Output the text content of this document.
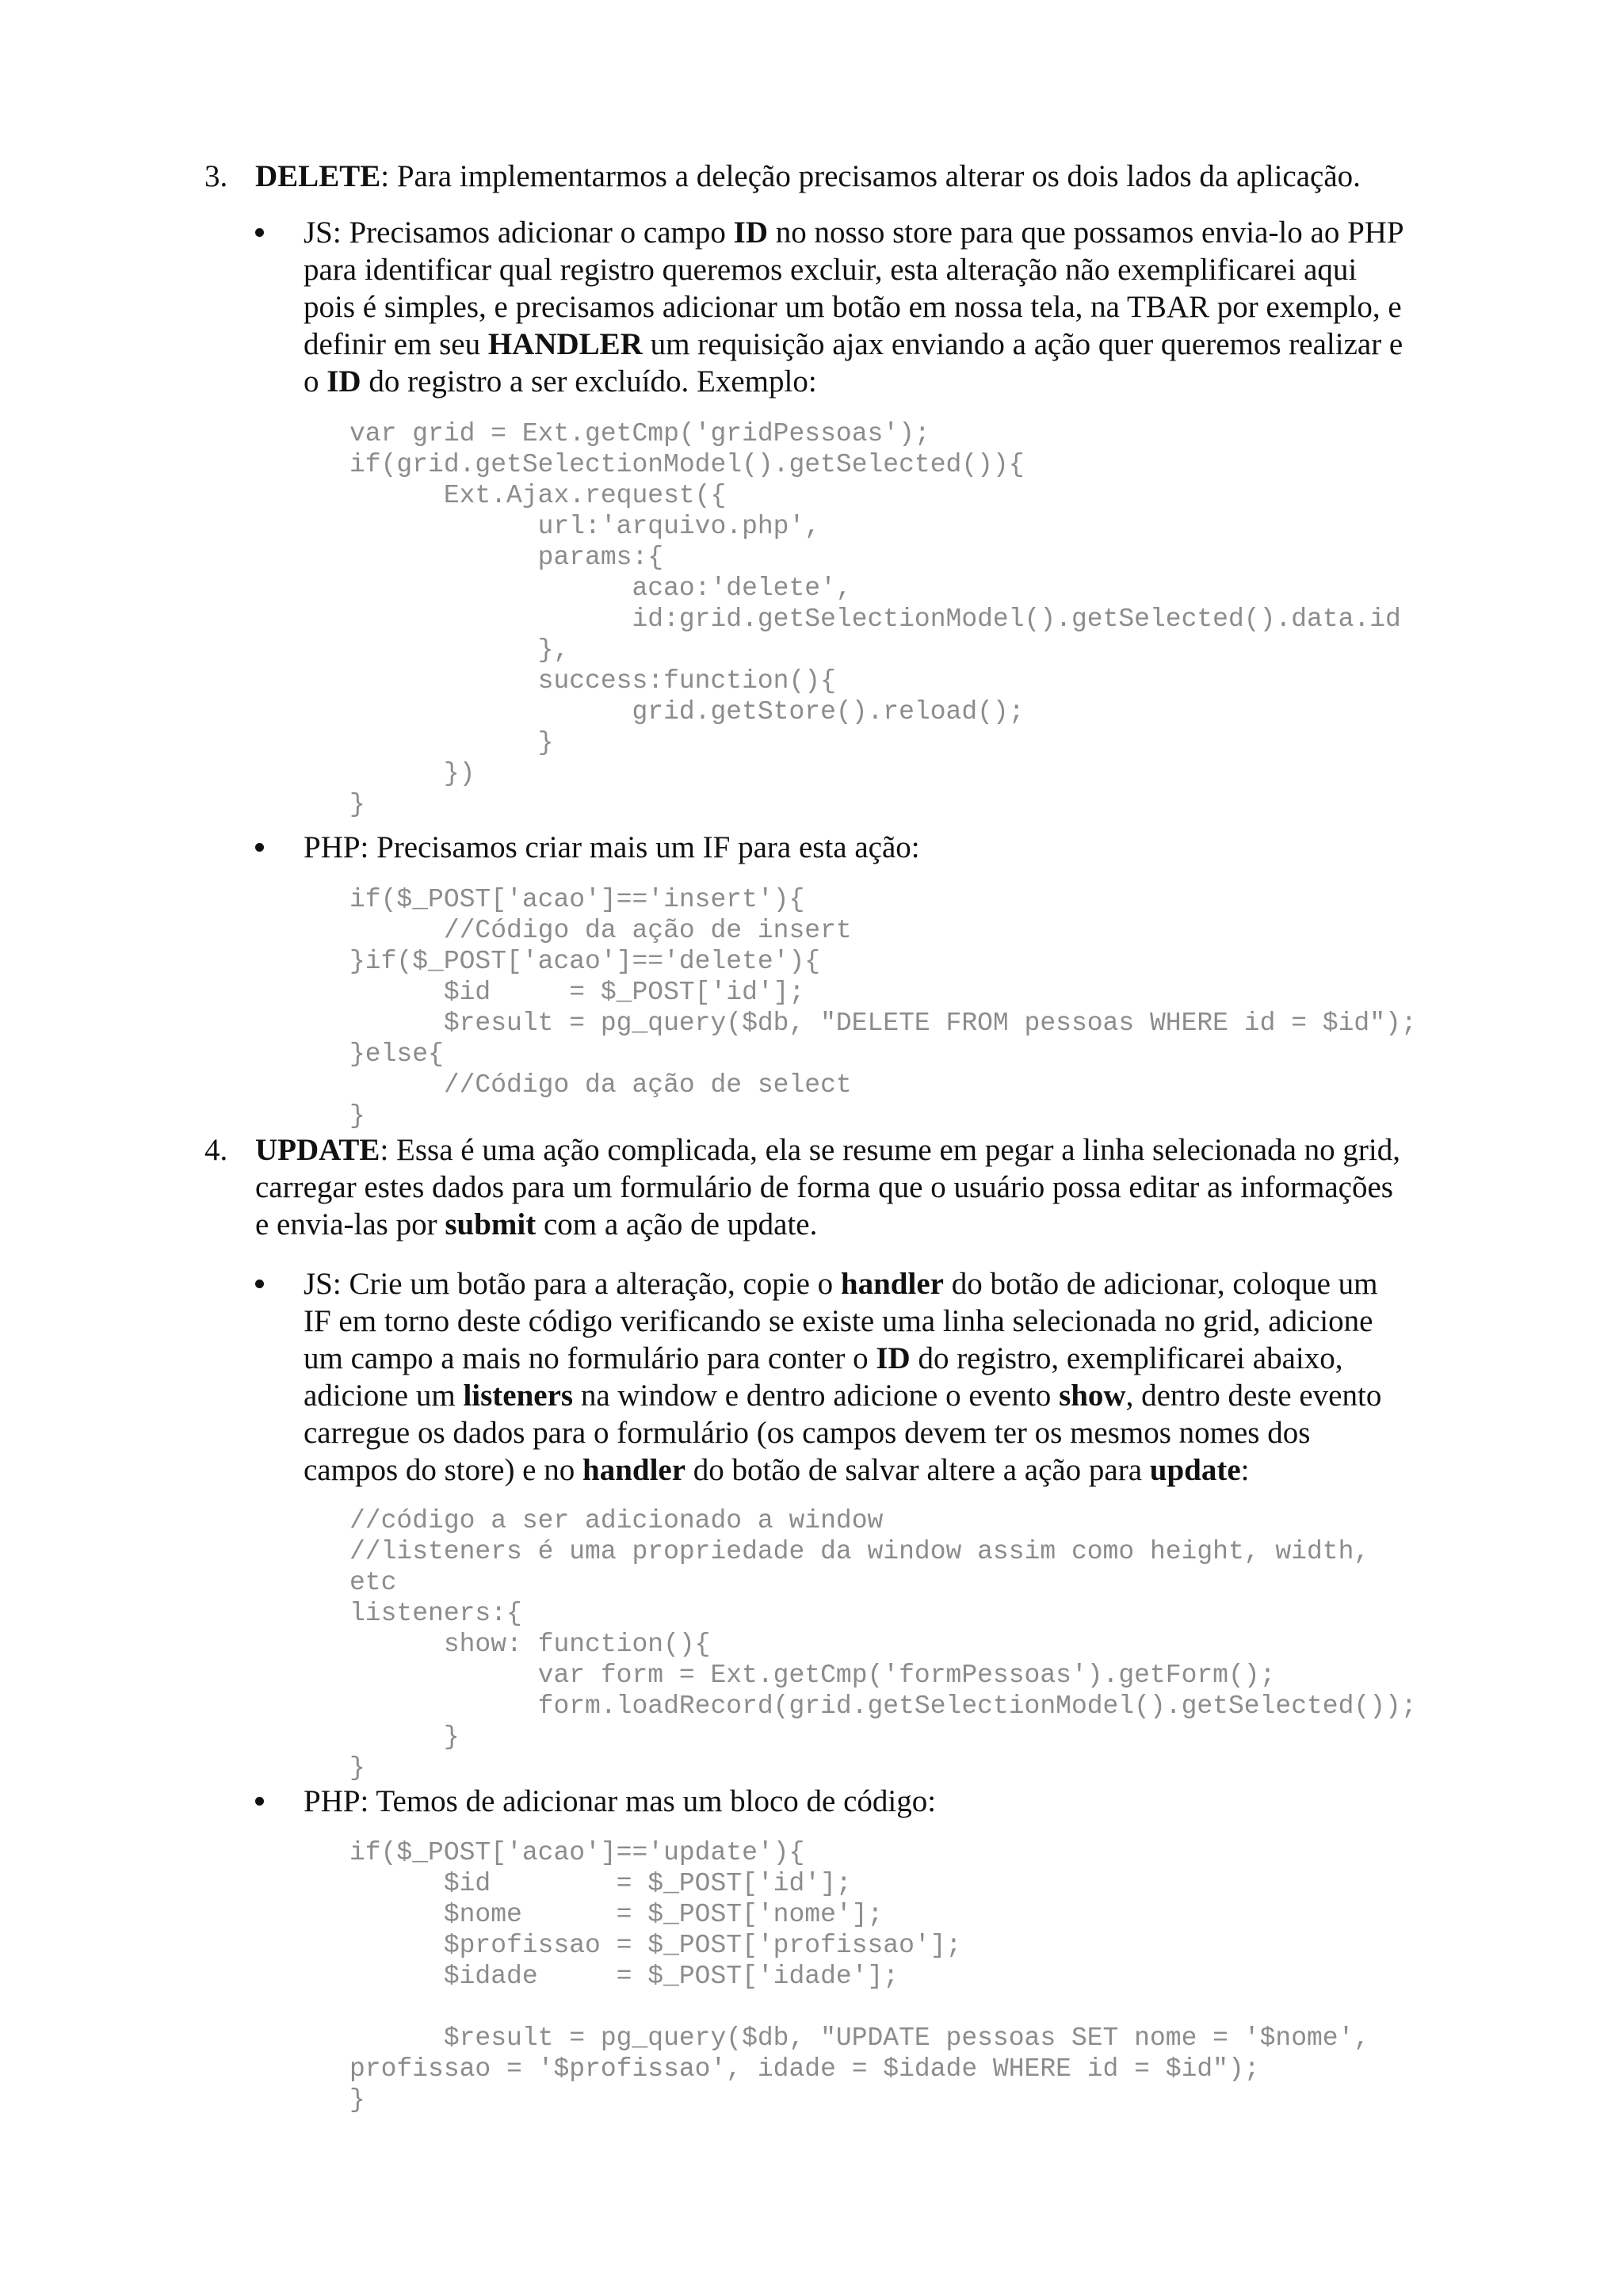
3. DELETE: Para implementarmos a deleção precisamos alterar os dois lados da aplicação.
JS: Precisamos adicionar o campo ID no nosso store para que possamos envia-lo ao PHP
para identificar qual registro queremos excluir, esta alteração não exemplificarei aqui
pois é simples, e precisamos adicionar um botão em nossa tela, na TBAR por exemplo, e
definir em seu HANDLER um requisição ajax enviando a ação quer queremos realizar e
o ID do registro a ser excluído. Exemplo:
var grid = Ext.getCmp('gridPessoas');
if(grid.getSelectionModel().getSelected()){
Ext.Ajax.request({
url:'arquivo.php',
params:{
acao:'delete',
id:grid.getSelectionModel().getSelected().data.id
},
success:function(){
grid.getStore().reload();
}
})
}
PHP: Precisamos criar mais um IF para esta ação:
if($_POST['acao']=='insert'){
//Código da ação de insert
}if($_POST['acao']=='delete'){
$id     = $_POST['id'];
$result = pg_query($db, "DELETE FROM pessoas WHERE id = $id");
}else{
//Código da ação de select
}
4. UPDATE: Essa é uma ação complicada, ela se resume em pegar a linha selecionada no grid,
carregar estes dados para um formulário de forma que o usuário possa editar as informações
e envia-las por submit com a ação de update.
JS: Crie um botão para a alteração, copie o handler do botão de adicionar, coloque um
IF em torno deste código verificando se existe uma linha selecionada no grid, adicione
um campo a mais no formulário para conter o ID do registro, exemplificarei abaixo,
adicione um listeners na window e dentro adicione o evento show, dentro deste evento
carregue os dados para o formulário (os campos devem ter os mesmos nomes dos
campos do store) e no handler do botão de salvar altere a ação para update:
//código a ser adicionado a window
//listeners é uma propriedade da window assim como height, width,
etc
listeners:{
show: function(){
var form = Ext.getCmp('formPessoas').getForm();
form.loadRecord(grid.getSelectionModel().getSelected());
}
}
PHP: Temos de adicionar mas um bloco de código:
if($_POST['acao']=='update'){
$id        = $_POST['id'];
$nome      = $_POST['nome'];
$profissao = $_POST['profissao'];
$idade     = $_POST['idade'];

$result = pg_query($db, "UPDATE pessoas SET nome = '$nome',
profissao = '$profissao', idade = $idade WHERE id = $id");
}
